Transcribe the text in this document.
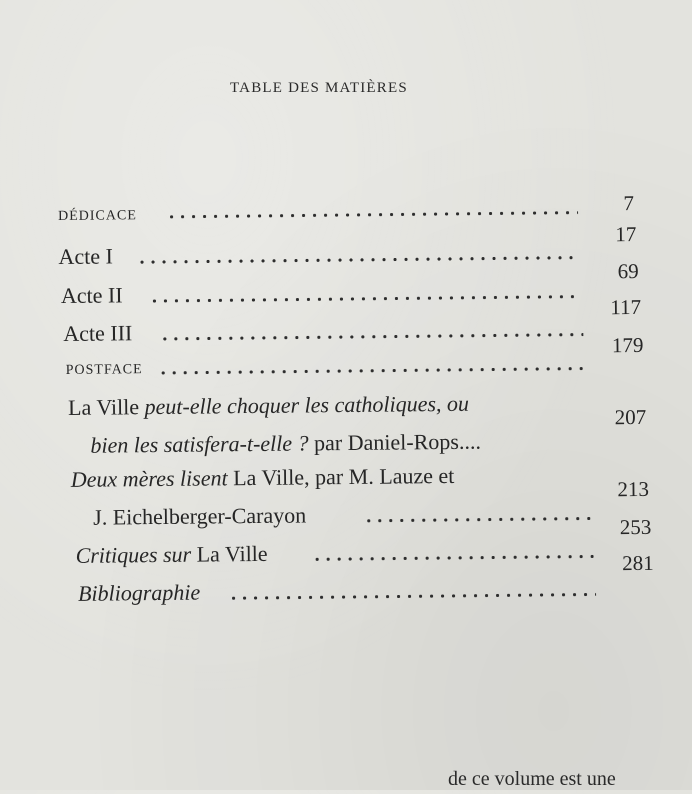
TABLE DES MATIÈRES
DÉDICACE
7
Acte I
17
Acte II
69
Acte III
117
POSTFACE
179
La Ville peut-elle choquer les catholiques, ou
bien les satisfera-t-elle ? par Daniel-Rops....
207
Deux mères lisent La Ville, par M. Lauze et
J. Eichelberger-Carayon
213
Critiques sur La Ville
253
Bibliographie
281
de ce volume est une
